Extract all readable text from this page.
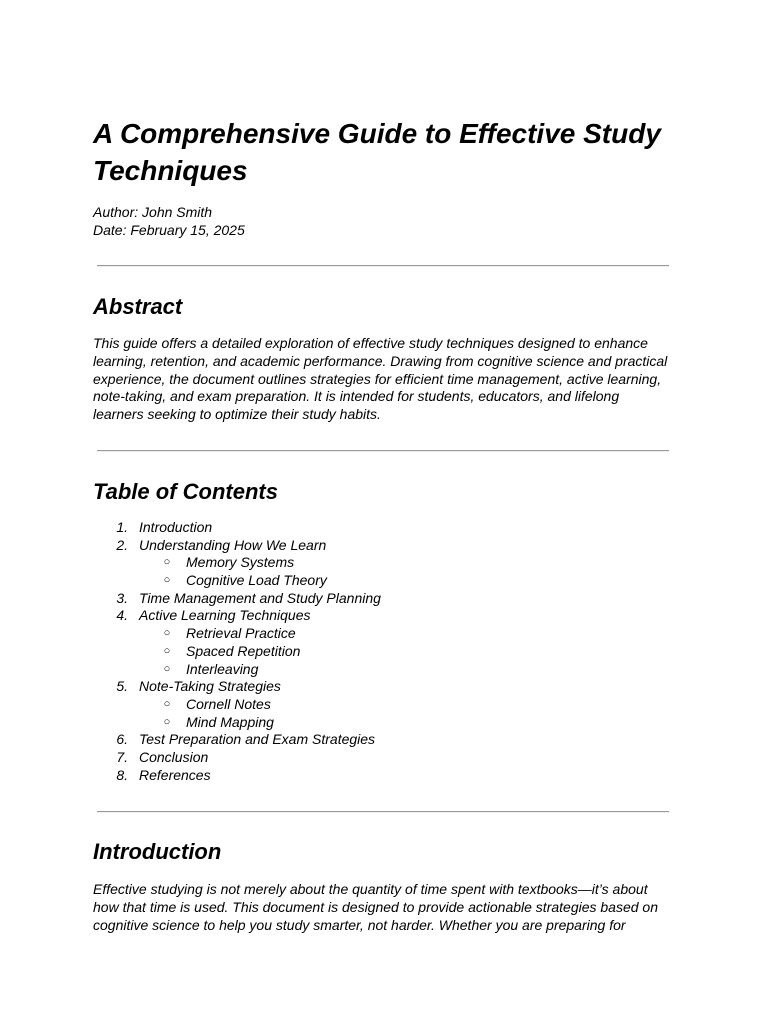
A Comprehensive Guide to Effective Study Techniques

Author: John Smith

Date: February 15, 2025

Abstract
This guide offers a detailed exploration of effective study techniques designed to enhance
learning, retention, and academic performance. Drawing from cognitive science and practical
experience, the document outlines strategies for efficient time management, active learning,
note-taking, and exam preparation. It is intended for students, educators, and lifelong
learners seeking to optimize their study habits.
Table of Contents
1. Introduction
2. Understanding How We Learn
○ Memory Systems
○ Cognitive Load Theory
3. Time Management and Study Planning
4. Active Learning Techniques
○ Retrieval Practice
○ Spaced Repetition
○ Interleaving
5. Note-Taking Strategies
○ Cornell Notes
○ Mind Mapping
6. Test Preparation and Exam Strategies
7. Conclusion
8. References
Introduction
Effective studying is not merely about the quantity of time spent with textbooks—it’s about
how that time is used. This document is designed to provide actionable strategies based on
cognitive science to help you study smarter, not harder. Whether you are preparing for
